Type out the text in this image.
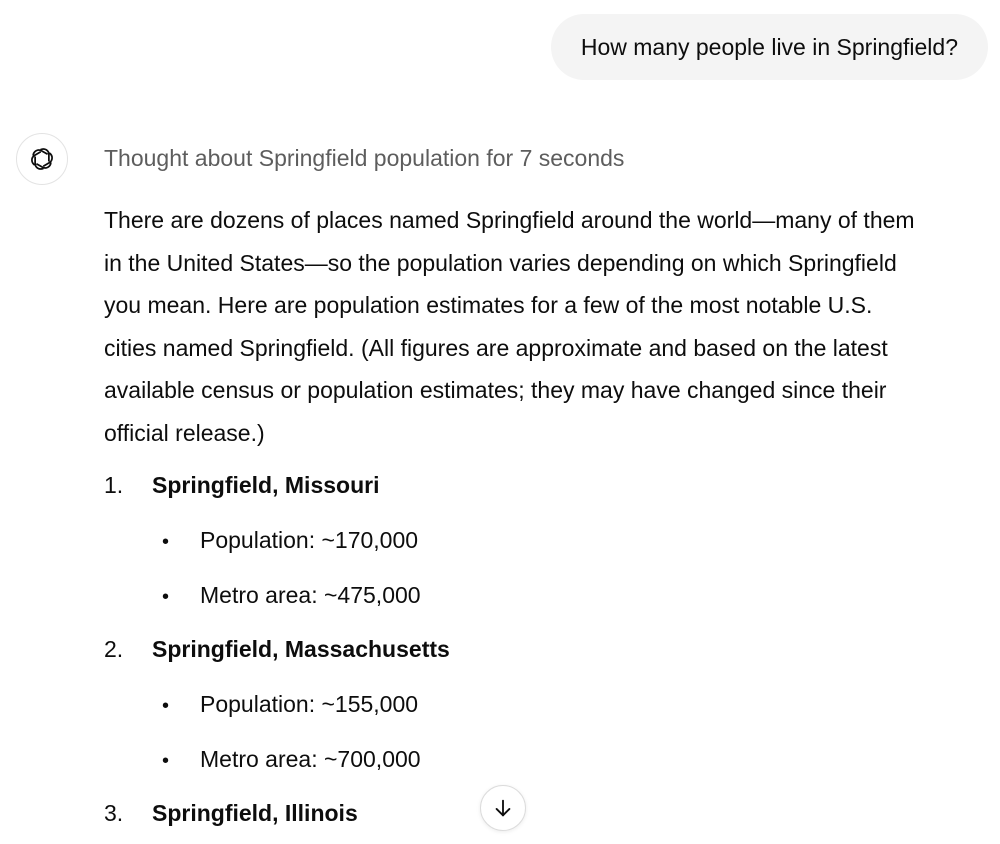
How many people live in Springfield?
Thought about Springfield population for 7 seconds

There are dozens of places named Springfield around the world—many of them
in the United States—so the population varies depending on which Springfield
you mean. Here are population estimates for a few of the most notable U.S.
cities named Springfield. (All figures are approximate and based on the latest
available census or population estimates; they may have changed since their
official release.)

1. Springfield, Missouri
• Population: ~170,000
• Metro area: ~475,000
2. Springfield, Massachusetts
• Population: ~155,000
• Metro area: ~700,000
3. Springfield, Illinois
